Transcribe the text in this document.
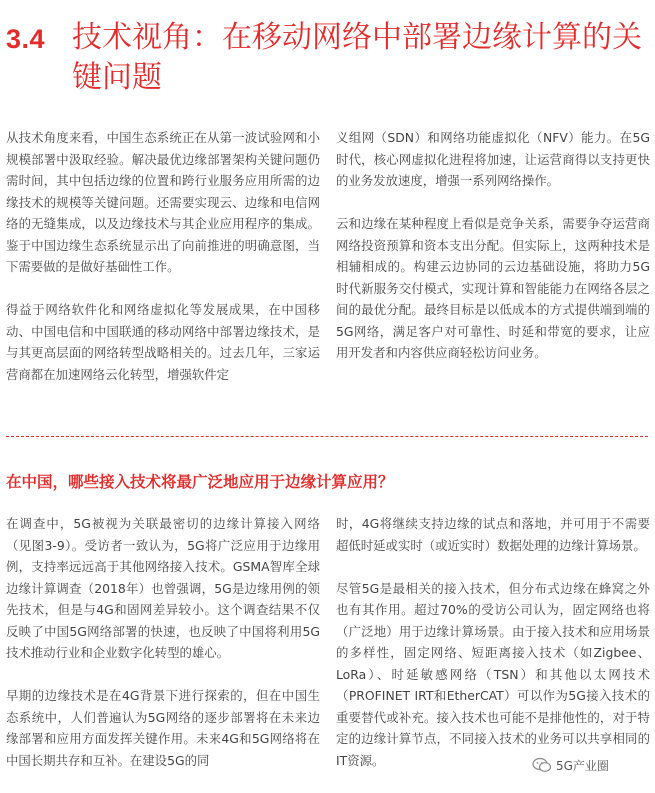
3.4 技术视角：在移动网络中部署边缘计算的关键问题

从技术角度来看，中国生态系统正在从第一波试验网和小规模部署中汲取经验。解决最优边缘部署架构关键问题仍需时间，其中包括边缘的位置和跨行业服务应用所需的边缘技术的规模等关键问题。还需要实现云、边缘和电信网络的无缝集成，以及边缘技术与其企业应用程序的集成。鉴于中国边缘生态系统显示出了向前推进的明确意图，当下需要做的是做好基础性工作。

得益于网络软件化和网络虚拟化等发展成果，在中国移动、中国电信和中国联通的移动网络中部署边缘技术，是与其更高层面的网络转型战略相关的。过去几年，三家运营商都在加速网络云化转型，增强软件定

义组网（SDN）和网络功能虚拟化（NFV）能力。在5G时代，核心网虚拟化进程将加速，让运营商得以支持更快的业务发放速度，增强一系列网络操作。

云和边缘在某种程度上看似是竞争关系，需要争夺运营商网络投资预算和资本支出分配。但实际上，这两种技术是相辅相成的。构建云边协同的云边基础设施，将助力5G时代新服务交付模式，实现计算和智能能力在网络各层之间的最优分配。最终目标是以低成本的方式提供端到端的5G网络，满足客户对可靠性、时延和带宽的要求，让应用开发者和内容供应商轻松访问业务。

在中国，哪些接入技术将最广泛地应用于边缘计算应用？

在调查中，5G被视为关联最密切的边缘计算接入网络（见图3-9）。受访者一致认为，5G将广泛应用于边缘用例，支持率远远高于其他网络接入技术。GSMA智库全球边缘计算调查（2018年）也曾强调，5G是边缘用例的领先技术，但是与4G和固网差异较小。这个调查结果不仅反映了中国5G网络部署的快速，也反映了中国将利用5G技术推动行业和企业数字化转型的雄心。

早期的边缘技术是在4G背景下进行探索的，但在中国生态系统中，人们普遍认为5G网络的逐步部署将在未来边缘部署和应用方面发挥关键作用。未来4G和5G网络将在中国长期共存和互补。在建设5G的同

时，4G将继续支持边缘的试点和落地，并可用于不需要超低时延或实时（或近实时）数据处理的边缘计算场景。

尽管5G是最相关的接入技术，但分布式边缘在蜂窝之外也有其作用。超过70%的受访公司认为，固定网络也将（广泛地）用于边缘计算场景。由于接入技术和应用场景的多样性，固定网络、短距离接入技术（如Zigbee、LoRa）、时延敏感网络（TSN）和其他以太网技术（PROFINET IRT和EtherCAT）可以作为5G接入技术的重要替代或补充。接入技术也可能不是排他性的，对于特定的边缘计算节点，不同接入技术的业务可以共享相同的IT资源。	5G产业圈
